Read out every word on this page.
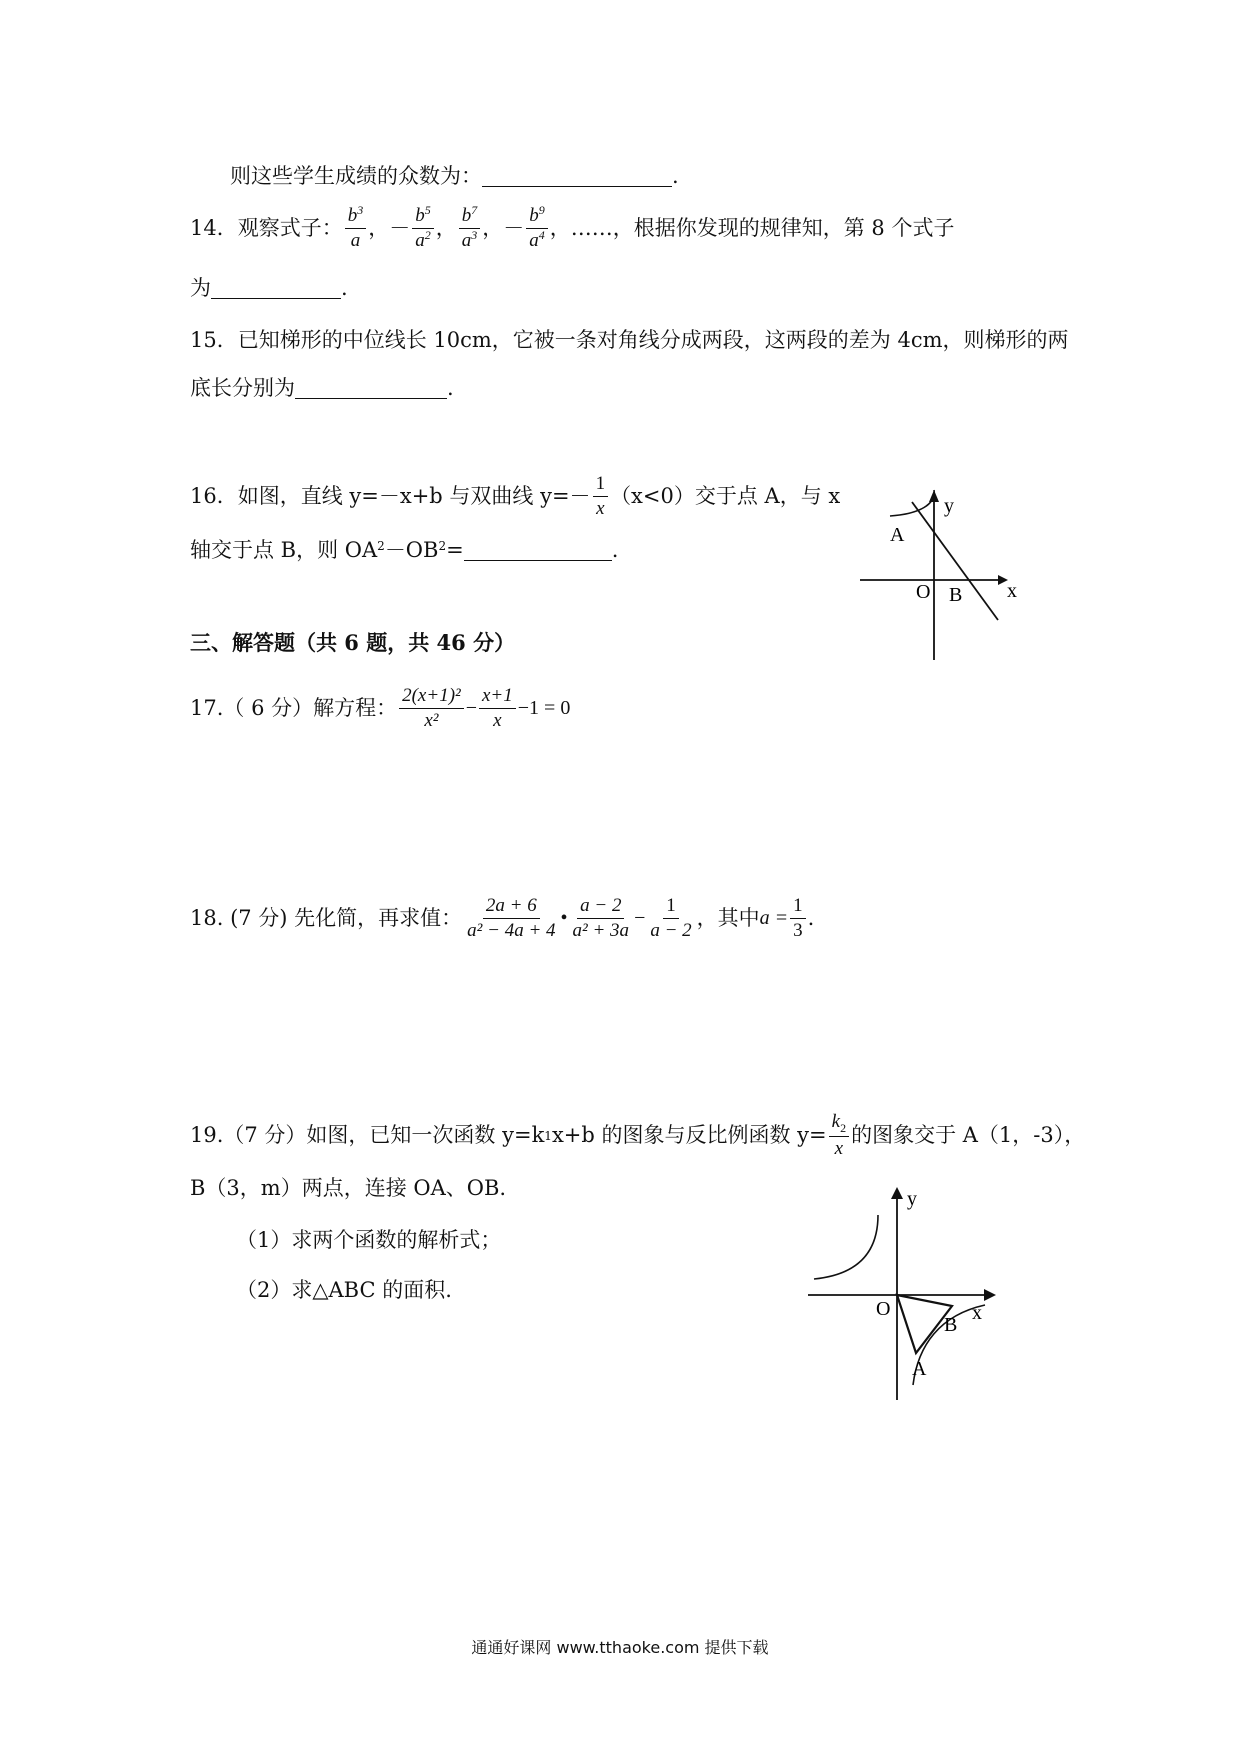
则这些学生成绩的众数为：	.
14．观察式子： $\frac{b^3}{a}$ ， － $\frac{b^5}{a^2}$ ， $\frac{b^7}{a^3}$ ， － $\frac{b^9}{a^4}$ ， ……，根据你发现的规律知，第 8 个式子
为	.
15．已知梯形的中位线长 10cm，它被一条对角线分成两段，这两段的差为 4cm，则梯形的两
底长分别为	.
16．如图，直线 y=－x+b 与双曲线 $y=- \frac{1}{x} (x<0)$交于点 A，与 x
轴交于点 B，则 $OA^2-OB^2=$	.
y
x
A
O B
三、解答题（共 6 题，共 46 分）
17.（ 6 分）解方程： $\frac{\text{2(x+1)²}}{\text{x²}} - \frac{x+1}{x} -1 = 0$
18. (7 分) 先化简，再求值： $\frac{2a + 6}{\text{a² − 4a + 4}}$ • $\frac{a - 2}{\text{a² + 3a}} - \frac{1}{a - 2}$ ，其中 $a = \frac{1}{3}$ .
19.（7 分）如图，已知一次函数 y=k 1 x+b 的图象与反比例函数 $y= \frac{k_2}{x}$ 的图象交于 A（1，-3），
B（3，m）两点，连接 OA、OB.
（1）求两个函数的解析式；
（2）求△ABC 的面积.
y
x
O
B
A
通通好课网 www.tthaoke.com 提供下载
